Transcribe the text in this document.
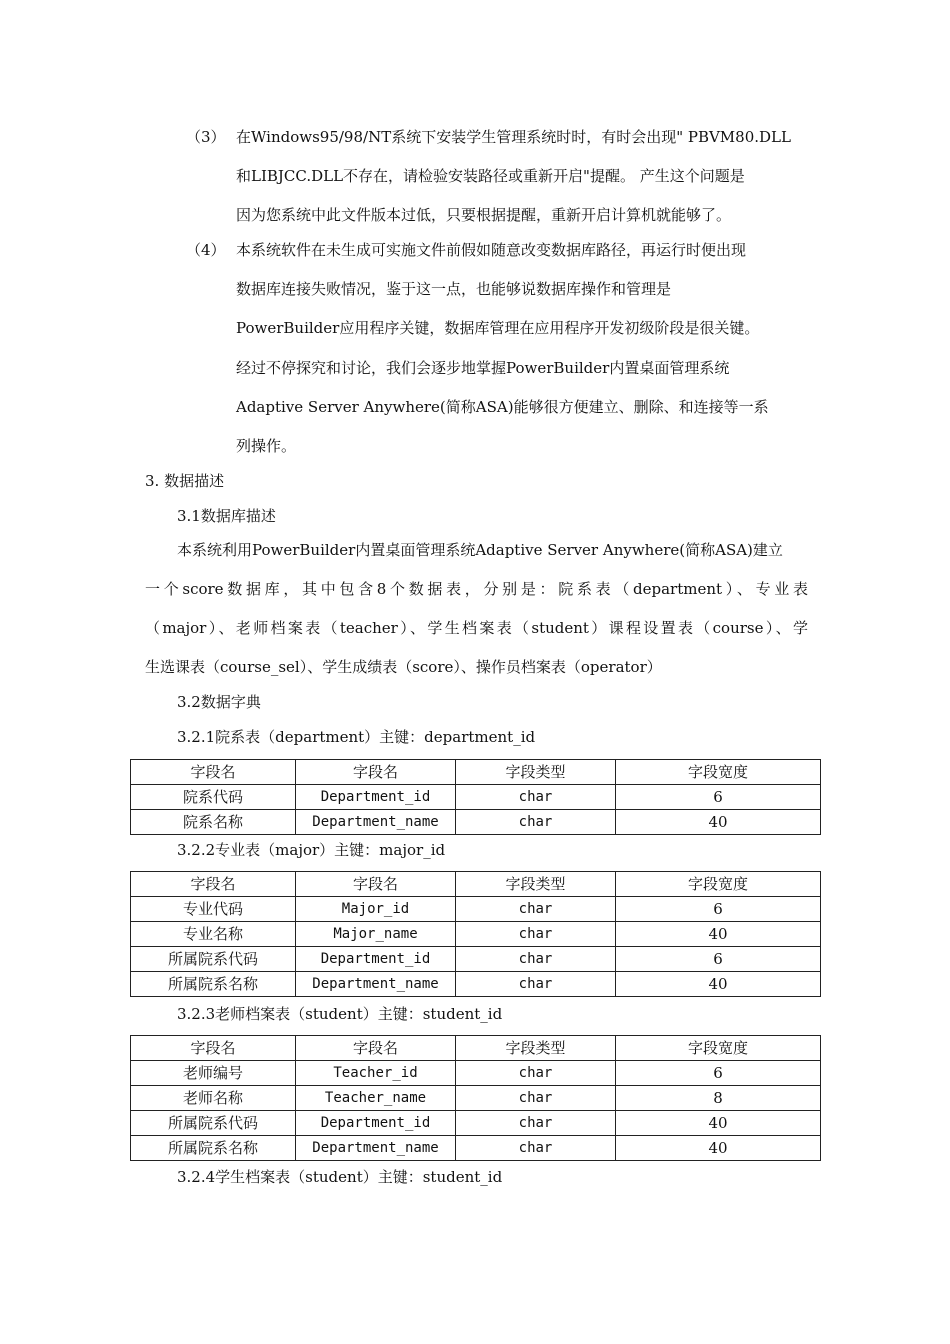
（3） 在Windows95/98/NT系统下安装学生管理系统时时，有时会出现" PBVM80.DLL
和LIBJCC.DLL不存在，请检验安装路径或重新开启"提醒。 产生这个问题是
因为您系统中此文件版本过低，只要根据提醒，重新开启计算机就能够了。
（4） 本系统软件在未生成可实施文件前假如随意改变数据库路径，再运行时便出现
数据库连接失败情况，鉴于这一点，也能够说数据库操作和管理是
PowerBuilder应用程序关键，数据库管理在应用程序开发初级阶段是很关键。
经过不停探究和讨论，我们会逐步地掌握PowerBuilder内置桌面管理系统
Adaptive Server Anywhere(简称ASA)能够很方便建立、删除、和连接等一系
列操作。
3. 数据描述
3.1数据库描述
本系统利用PowerBuilder内置桌面管理系统Adaptive Server Anywhere(简称ASA)建立
一个score数据库，其中包含8个数据表，分别是：院系表（department）、专业表
（major）、老师档案表（teacher）、学生档案表（student）课程设置表（course）、学
生选课表（course_sel）、学生成绩表（score）、操作员档案表（operator）
3.2数据字典
3.2.1院系表（department）主键：department_id
字段名	字段名	字段类型	字段宽度
院系代码	Department_id	char	6
院系名称	Department_name	char	40
3.2.2专业表（major）主键：major_id
字段名	字段名	字段类型	字段宽度
专业代码	Major_id	char	6
专业名称	Major_name	char	40
所属院系代码	Department_id	char	6
所属院系名称	Department_name	char	40
3.2.3老师档案表（student）主键：student_id
字段名	字段名	字段类型	字段宽度
老师编号	Teacher_id	char	6
老师名称	Teacher_name	char	8
所属院系代码	Department_id	char	40
所属院系名称	Department_name	char	40
3.2.4学生档案表（student）主键：student_id
